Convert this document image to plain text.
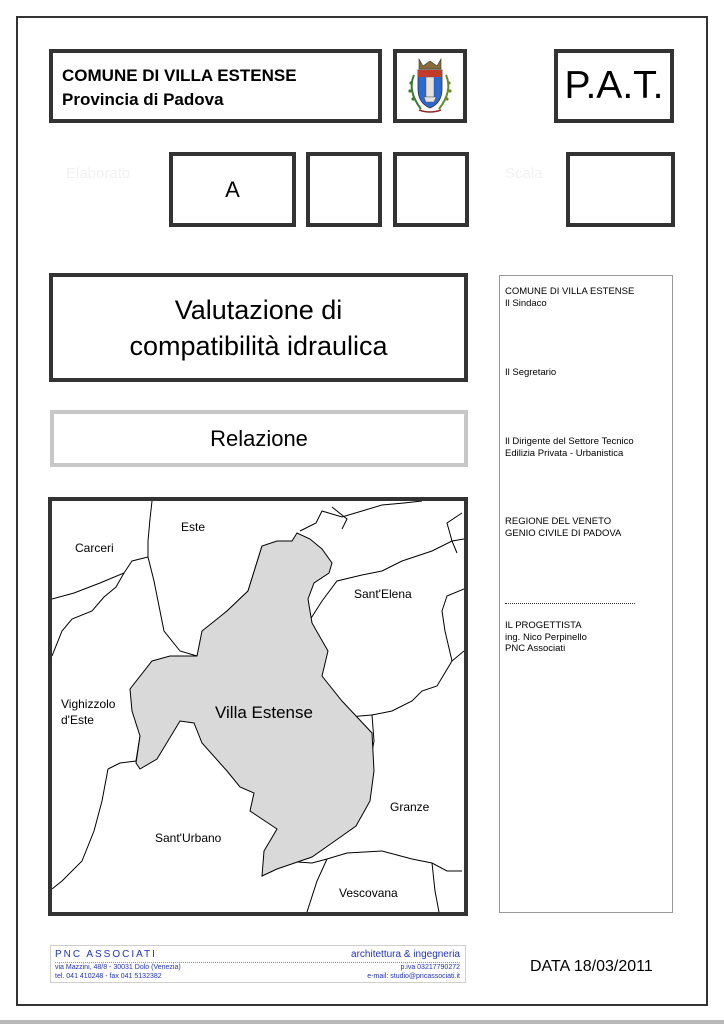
COMUNE DI VILLA ESTENSE
Provincia di Padova	P.A.T.
Elaborato
A
Scala
Valutazione di
compatibilità idraulica
Relazione
Este
Carceri
Sant'Elena
Vighizzolo
d'Este	Villa Estense
Granze
Sant'Urbano
Vescovana
COMUNE DI VILLA ESTENSE
Il Sindaco
Il Segretario
Il Dirigente del Settore Tecnico
Edilizia Privata - Urbanistica
REGIONE DEL VENETO
GENIO CIVILE DI PADOVA
IL PROGETTISTA
ing. Nico Perpinello
PNC Associati
PNC ASSOCIATI	architettura & ingegneria
via Mazzini, 48/8 - 30031 Dolo (Venezia)
tel. 041 410248 - fax 041 5132382
p.iva 03217790272
e-mail: studio@pncassociati.it
DATA 18/03/2011
